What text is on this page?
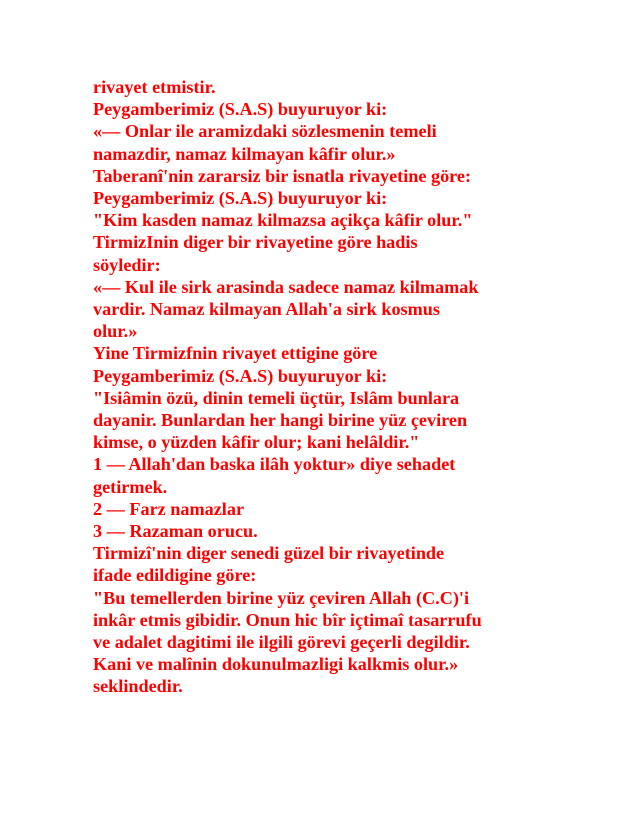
rivayet etmistir.
Peygamberimiz (S.A.S) buyuruyor ki:
«— Onlar ile aramizdaki sözlesmenin temeli
namazdir, namaz kilmayan kâfir olur.»
Taberanî'nin zararsiz bir isnatla rivayetine göre:
Peygamberimiz (S.A.S) buyuruyor ki:
"Kim kasden namaz kilmazsa açikça kâfir olur."
TirmizInin diger bir rivayetine göre hadis
söyledir:
«— Kul ile sirk arasinda sadece namaz kilmamak
vardir. Namaz kilmayan Allah'a sirk kosmus
olur.»
Yine Tirmizfnin rivayet ettigine göre
Peygamberimiz (S.A.S) buyuruyor ki:
"Isiâmin özü, dinin temeli üçtür, Islâm bunlara
dayanir. Bunlardan her hangi birine yüz çeviren
kimse, o yüzden kâfir olur; kani helâldir."
1 — Allah'dan baska ilâh yoktur» diye sehadet
getirmek.
2 — Farz namazlar
3 — Razaman orucu.
Tirmizî'nin diger senedi güzel bir rivayetinde
ifade edildigine göre:
"Bu temellerden birine yüz çeviren Allah (C.C)'i
inkâr etmis gibidir. Onun hic bîr içtimaî tasarrufu
ve adalet dagitimi ile ilgili görevi geçerli degildir.
Kani ve malînin dokunulmazligi kalkmis olur.»
seklindedir.
